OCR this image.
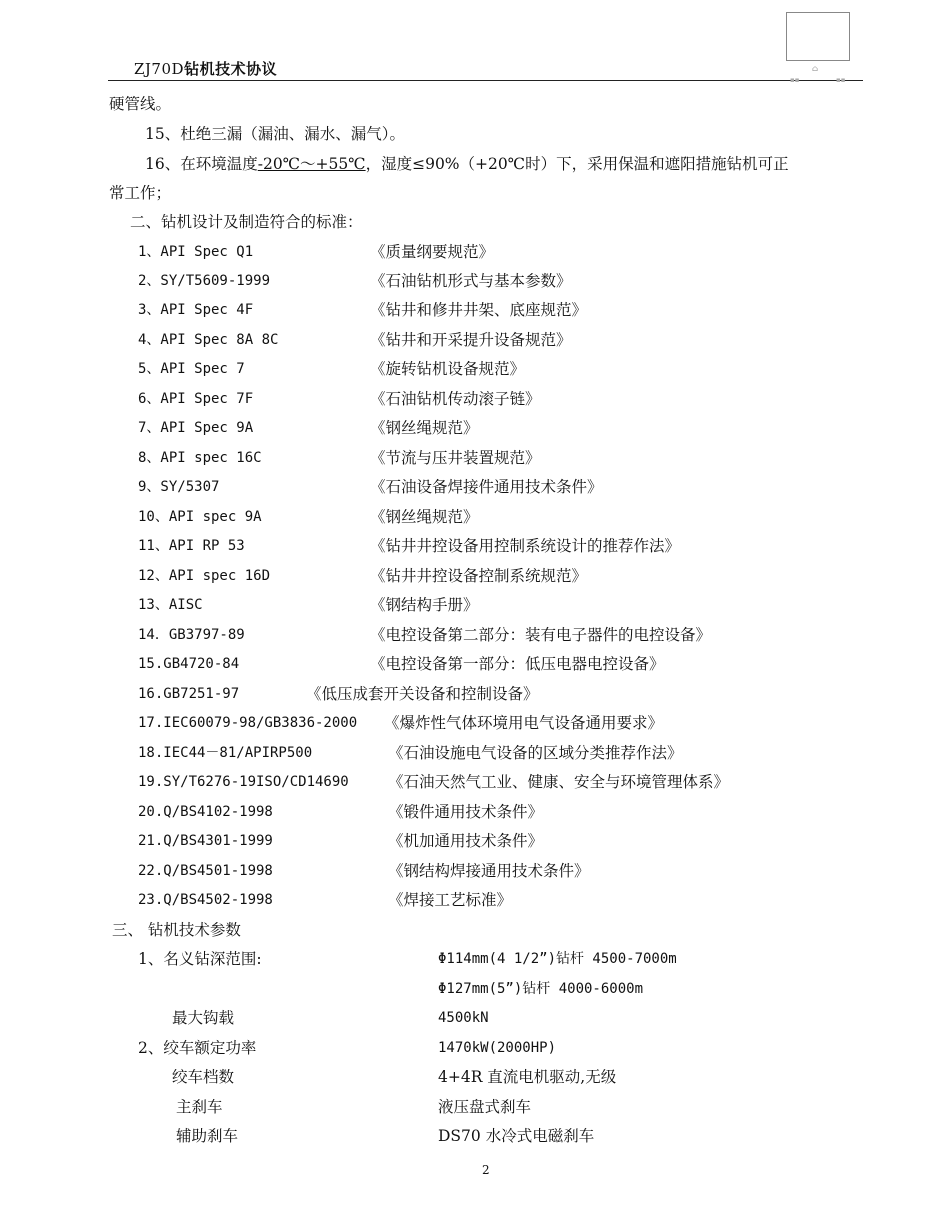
ZJ70D钻机技术协议	⌂
▪▪	▪▪
硬管线。
15、杜绝三漏（漏油、漏水、漏气）。
16、在环境温度-20℃～+55℃，湿度≤90%（+20℃时）下，采用保温和遮阳措施钻机可正
常工作；
二、钻机设计及制造符合的标准：
1、API Spec Q1	《质量纲要规范》
2、SY/T5609-1999	《石油钻机形式与基本参数》
3、API Spec 4F	《钻井和修井井架、底座规范》
4、API Spec 8A 8C	《钻井和开采提升设备规范》
5、API Spec 7	《旋转钻机设备规范》
6、API Spec 7F	《石油钻机传动滚子链》
7、API Spec 9A	《钢丝绳规范》
8、API spec 16C	《节流与压井装置规范》
9、SY/5307	《石油设备焊接件通用技术条件》
10、API spec 9A	《钢丝绳规范》
11、API RP 53	《钻井井控设备用控制系统设计的推荐作法》
12、API spec 16D	《钻井井控设备控制系统规范》
13、AISC	《钢结构手册》
14．GB3797-89	《电控设备第二部分：装有电子器件的电控设备》
15.GB4720-84	《电控设备第一部分：低压电器电控设备》
16.GB7251-97	《低压成套开关设备和控制设备》
17.IEC60079-98/GB3836-2000 《爆炸性气体环境用电气设备通用要求》
18.IEC44－81/APIRP500	《石油设施电气设备的区域分类推荐作法》
19.SY/T6276-19ISO/CD14690	《石油天然气工业、健康、安全与环境管理体系》
20.Q/BS4102-1998	《锻件通用技术条件》
21.Q/BS4301-1999	《机加通用技术条件》
22.Q/BS4501-1998	《钢结构焊接通用技术条件》
23.Q/BS4502-1998	《焊接工艺标准》
三、 钻机技术参数
1、名义钻深范围:	Φ114mm(4 1/2”)钻杆 4500-7000m
Φ127mm(5”)钻杆 4000-6000m
最大钩载	4500kN
2、绞车额定功率	1470kW(2000HP)
绞车档数	4+4R 直流电机驱动,无级
主刹车	液压盘式刹车
辅助刹车	DS70 水冷式电磁刹车
2
